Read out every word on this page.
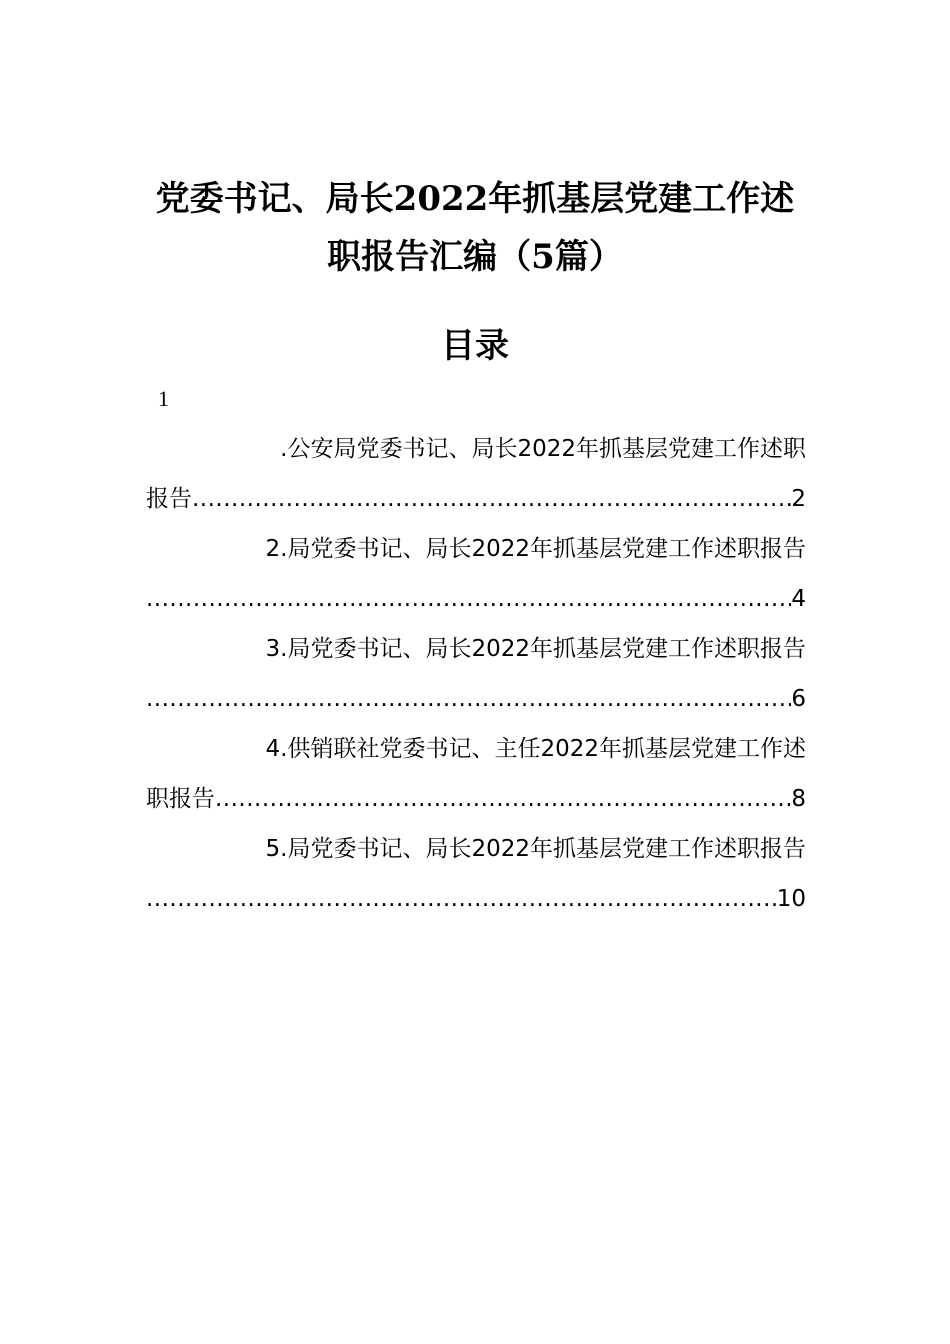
党委书记、局长2022年抓基层党建工作述
职报告汇编（5篇）
目录
1
.公安局党委书记、局长2022年抓基层党建工作述职
报告 .....	2
2.局党委书记、局长2022年抓基层党建工作述职报告
.....
4
3.局党委书记、局长2022年抓基层党建工作述职报告
.....
6
4.供销联社党委书记、主任2022年抓基层党建工作述
职报告 .....	8
5.局党委书记、局长2022年抓基层党建工作述职报告
.....
10
